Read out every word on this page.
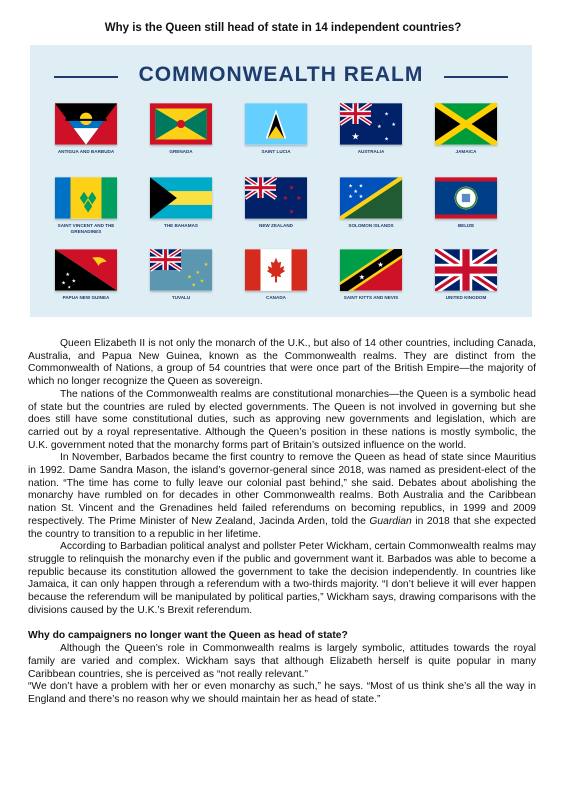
Why is the Queen still head of state in 14 independent countries?
COMMONWEALTH REALM
ANTIGUA AND BARBUDA	GRENADA	SAINT LUCIA
★
★
★
★
★
AUSTRALIA	JAMAICA
SAINT VINCENT AND THE GRENADINES
THE BAHAMAS
★
★
★
★
NEW ZEALAND
★ ★
★
★ ★
SOLOMON ISLANDS	BELIZE
★
★
★
★
PAPUA NEW GUINEA
★
★
★
★
★
TUVALU	CANADA
★
★
SAINT KITTS AND NEVIS	UNITED KINGDOM

Queen Elizabeth II is not only the monarch of the U.K., but also of 14 other countries, including Canada, Australia, and Papua New Guinea, known as the Commonwealth realms. They are distinct from the Commonwealth of Nations, a group of 54 countries that were once part of the British Empire—the majority of which no longer recognize the Queen as sovereign.

The nations of the Commonwealth realms are constitutional monarchies—the Queen is a symbolic head of state but the countries are ruled by elected governments. The Queen is not involved in governing but she does still have some constitutional duties, such as approving new governments and legislation, which are carried out by a royal representative. Although the Queen’s position in these nations is mostly symbolic, the U.K. government noted that the monarchy forms part of Britain’s outsized influence on the world.

In November, Barbados became the first country to remove the Queen as head of state since Mauritius in 1992. Dame Sandra Mason, the island’s governor-general since 2018, was named as president-elect of the nation. “The time has come to fully leave our colonial past behind,” she said. Debates about abolishing the monarchy have rumbled on for decades in other Commonwealth realms. Both Australia and the Caribbean nation St. Vincent and the Grenadines held failed referendums on becoming republics, in 1999 and 2009 respectively. The Prime Minister of New Zealand, Jacinda Arden, told the Guardian in 2018 that she expected the country to transition to a republic in her lifetime.

According to Barbadian political analyst and pollster Peter Wickham, certain Commonwealth realms may struggle to relinquish the monarchy even if the public and government want it. Barbados was able to become a republic because its constitution allowed the government to take the decision independently. In countries like Jamaica, it can only happen through a referendum with a two-thirds majority. “I don’t believe it will ever happen because the referendum will be manipulated by political parties,” Wickham says, drawing comparisons with the divisions caused by the U.K.’s Brexit referendum.

Why do campaigners no longer want the Queen as head of state?

Although the Queen’s role in Commonwealth realms is largely symbolic, attitudes towards the royal family are varied and complex. Wickham says that although Elizabeth herself is quite popular in many Caribbean countries, she is perceived as “not really relevant.”

“We don’t have a problem with her or even monarchy as such,” he says. “Most of us think she’s all the way in England and there’s no reason why we should maintain her as head of state.”
